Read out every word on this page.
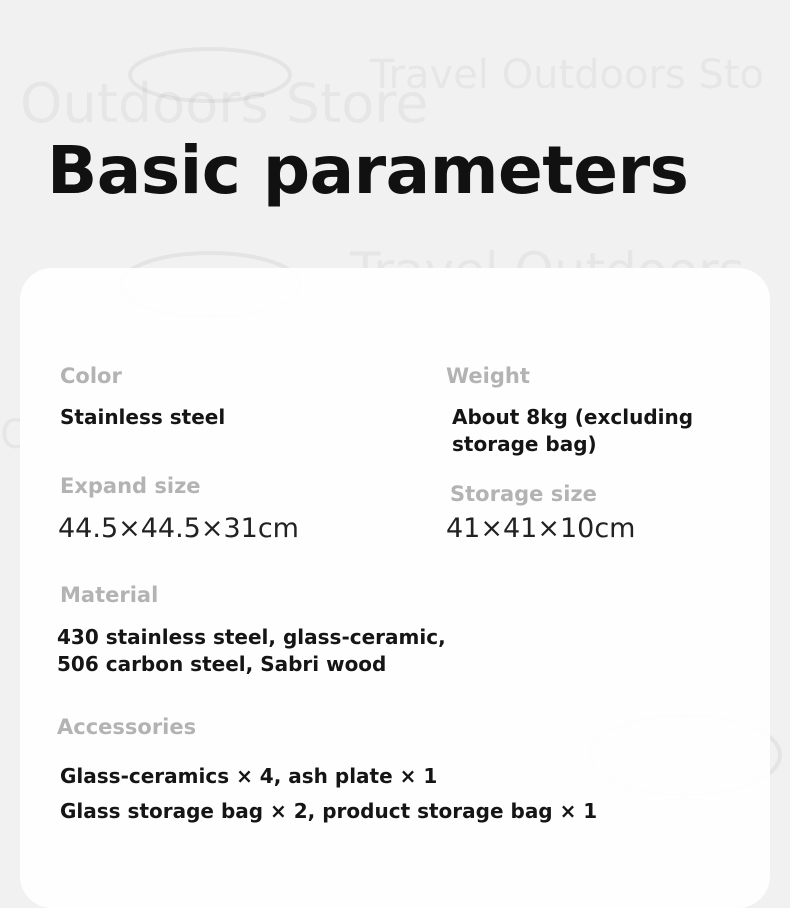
Basic parameters
Color
Stainless steel
Weight
About 8kg (excluding
storage bag)
Expand size
44.5×44.5×31cm
Storage size
41×41×10cm
Material
430 stainless steel, glass-ceramic,
506 carbon steel, Sabri wood
Accessories
Glass-ceramics × 4, ash plate × 1
Glass storage bag × 2, product storage bag × 1
